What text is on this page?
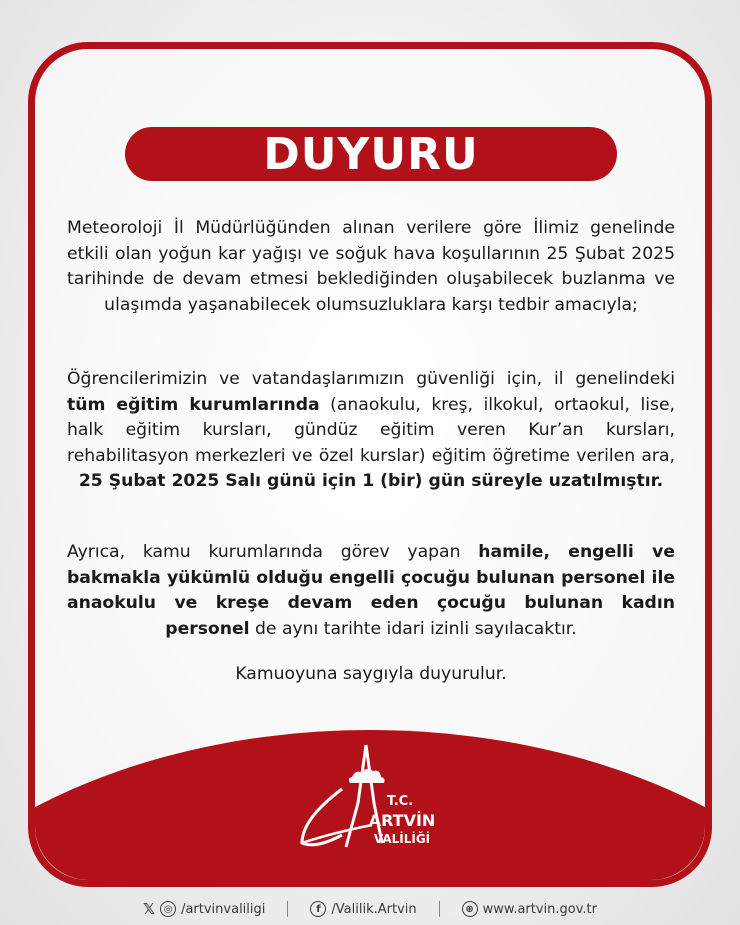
DUYURU
Meteoroloji İl Müdürlüğünden alınan verilere göre İlimiz genelinde etkili olan yoğun kar yağışı ve soğuk hava koşullarının 25 Şubat 2025 tarihinde de devam etmesi beklediğinden oluşabilecek buzlanma ve ulaşımda yaşanabilecek olumsuzluklara karşı tedbir amacıyla;
Öğrencilerimizin ve vatandaşlarımızın güvenliği için, il genelindeki tüm eğitim kurumlarında (anaokulu, kreş, ilkokul, ortaokul, lise, halk eğitim kursları, gündüz eğitim veren Kur’an kursları, rehabilitasyon merkezleri ve özel kurslar) eğitim öğretime verilen ara, 25 Şubat 2025 Salı günü için 1 (bir) gün süreyle uzatılmıştır.
Ayrıca, kamu kurumlarında görev yapan hamile, engelli ve bakmakla yükümlü olduğu engelli çocuğu bulunan personel ile anaokulu ve kreşe devam eden çocuğu bulunan kadın personel de aynı tarihte idari izinli sayılacaktır.
Kamuoyuna saygıyla duyurulur.
T.C.
ARTVİN
VALİLİĞİ
𝕏 ◎ /artvinvaliligi	f /Valilik.Artvin	⊕ www.artvin.gov.tr
